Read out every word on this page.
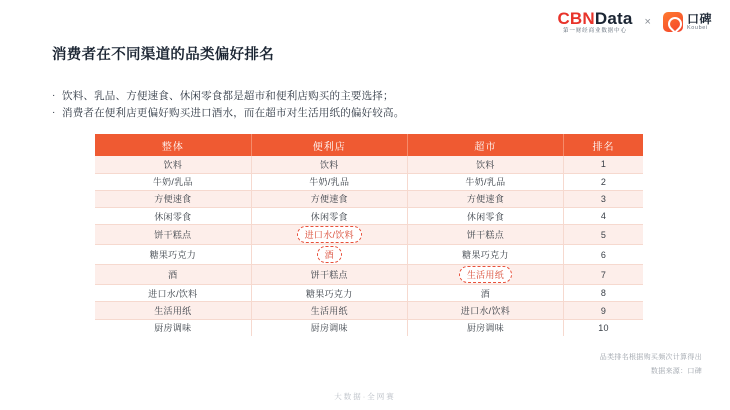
CBNData
第一财经商业数据中心
×	口碑
Koubei
消费者在不同渠道的品类偏好排名
· 饮料、乳品、方便速食、休闲零食都是超市和便利店购买的主要选择；
· 消费者在便利店更偏好购买进口酒水，而在超市对生活用纸的偏好较高。
整体	便利店	超市	排名
饮料	饮料	饮料	1
牛奶/乳品	牛奶/乳品	牛奶/乳品	2
方便速食	方便速食	方便速食	3
休闲零食	休闲零食	休闲零食	4
饼干糕点	进口水/饮料	饼干糕点	5
糖果巧克力	酒	糖果巧克力	6
酒	饼干糕点	生活用纸	7
进口水/饮料	糖果巧克力	酒	8
生活用纸	生活用纸	进口水/饮料	9
厨房调味	厨房调味	厨房调味	10
品类排名根据购买频次计算得出
数据来源：口碑
大数据·全网赛
